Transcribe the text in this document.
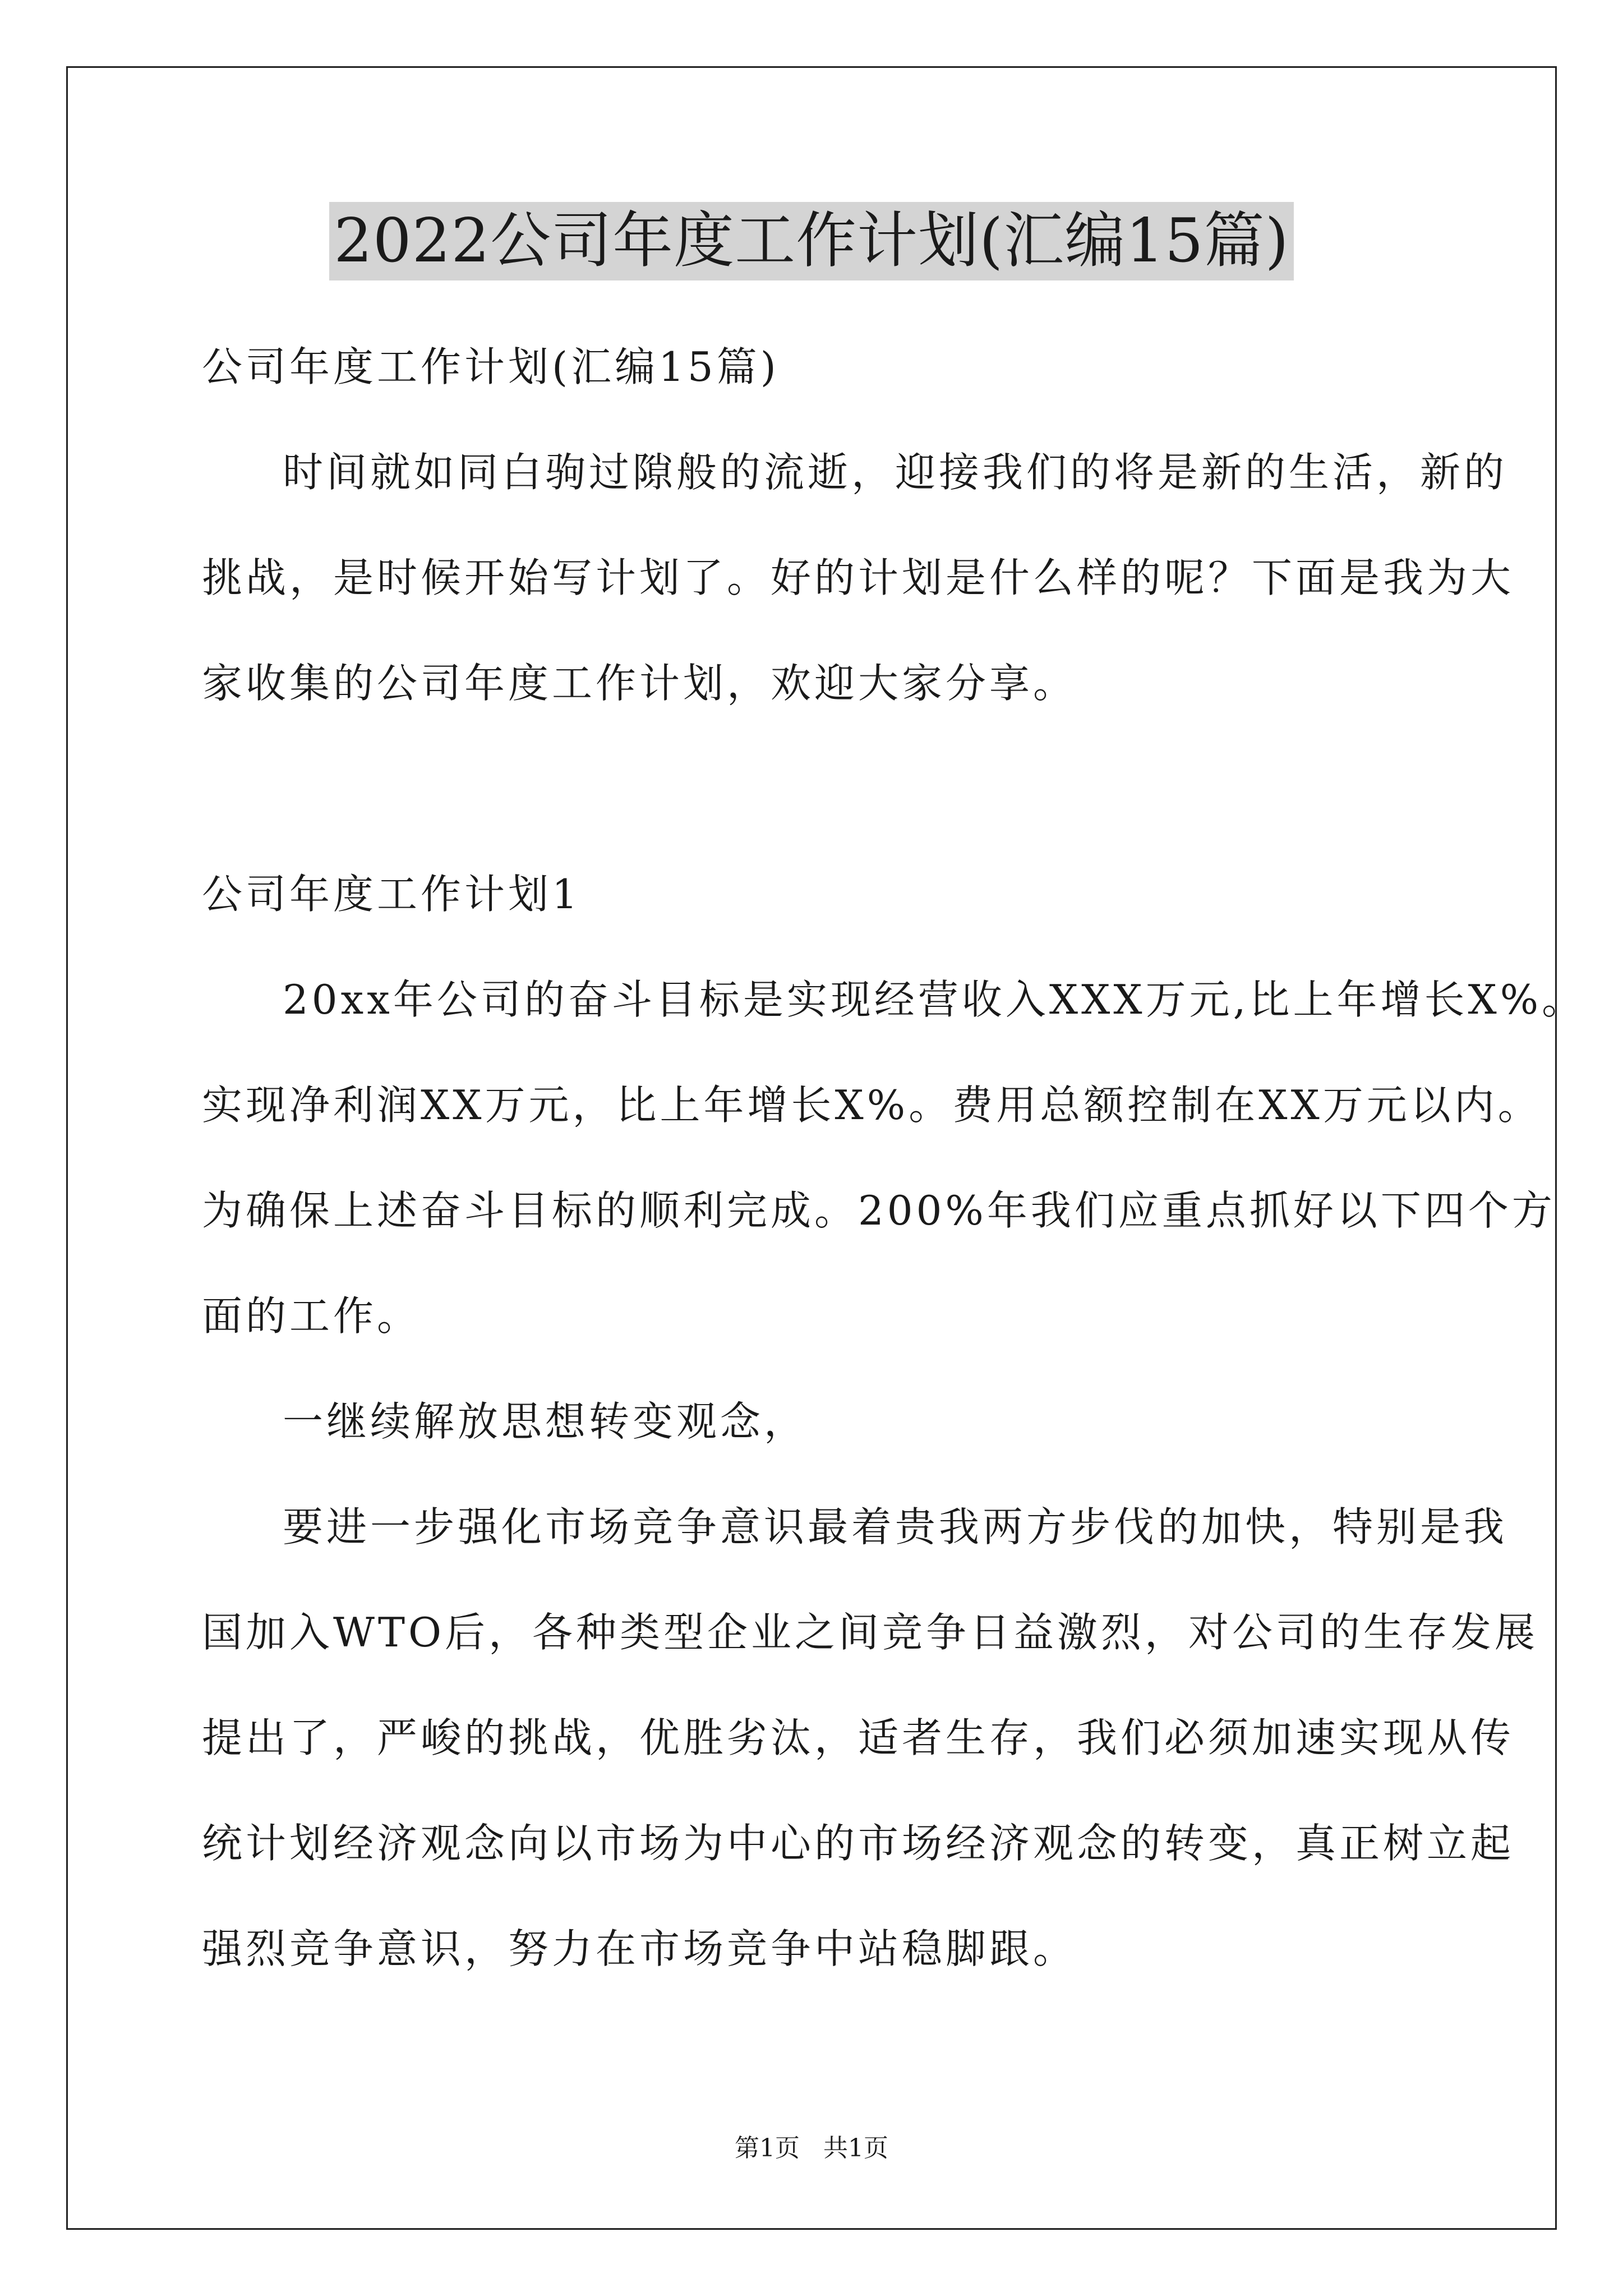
2022公司年度工作计划(汇编15篇)
公司年度工作计划(汇编15篇)
时间就如同白驹过隙般的流逝，迎接我们的将是新的生活，新的
挑战，是时候开始写计划了。好的计划是什么样的呢？下面是我为大
家收集的公司年度工作计划，欢迎大家分享。
公司年度工作计划1
20xx年公司的奋斗目标是实现经营收入XXX万元,比上年增长X%。
实现净利润XX万元，比上年增长X%。费用总额控制在XX万元以内。
为确保上述奋斗目标的顺利完成。200%年我们应重点抓好以下四个方
面的工作。
一继续解放思想转变观念，
要进一步强化市场竞争意识最着贵我两方步伐的加快，特别是我
国加入WTO后，各种类型企业之间竞争日益激烈，对公司的生存发展
提出了，严峻的挑战，优胜劣汰，适者生存，我们必须加速实现从传
统计划经济观念向以市场为中心的市场经济观念的转变，真正树立起
强烈竞争意识，努力在市场竞争中站稳脚跟。
第1页   共1页
